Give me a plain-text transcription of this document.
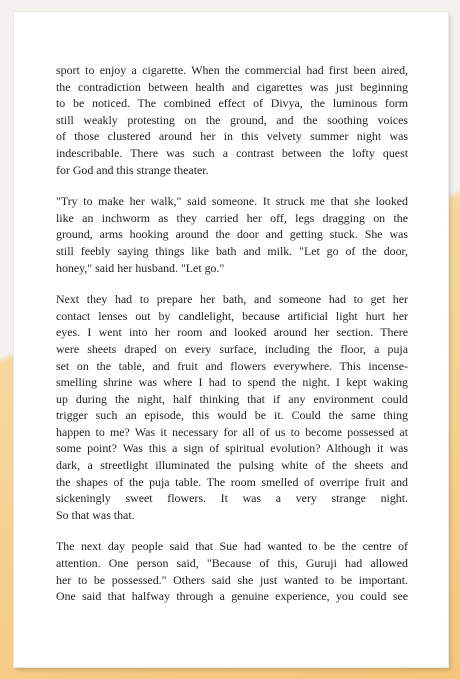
sport to enjoy a cigarette. When the commercial had first been aired,
the contradiction between health and cigarettes was just beginning
to be noticed. The combined effect of Divya, the luminous form
still weakly protesting on the ground, and the soothing voices
of those clustered around her in this velvety summer night was
indescribable. There was such a contrast between the lofty quest
for God and this strange theater.

"Try to make her walk," said someone. It struck me that she looked
like an inchworm as they carried her off, legs dragging on the
ground, arms hooking around the door and getting stuck. She was
still feebly saying things like bath and milk. "Let go of the door,
honey," said her husband. "Let go."

Next they had to prepare her bath, and someone had to get her
contact lenses out by candlelight, because artificial light hurt her
eyes. I went into her room and looked around her section. There
were sheets draped on every surface, including the floor, a puja
set on the table, and fruit and flowers everywhere. This incense-
smelling shrine was where I had to spend the night. I kept waking
up during the night, half thinking that if any environment could
trigger such an episode, this would be it. Could the same thing
happen to me? Was it necessary for all of us to become possessed at
some point? Was this a sign of spiritual evolution? Although it was
dark, a streetlight illuminated the pulsing white of the sheets and
the shapes of the puja table. The room smelled of overripe fruit and
sickeningly sweet flowers. It was a very strange night.
So that was that.

The next day people said that Sue had wanted to be the centre of
attention. One person said, "Because of this, Guruji had allowed
her to be possessed." Others said she just wanted to be important.
One said that halfway through a genuine experience, you could see
